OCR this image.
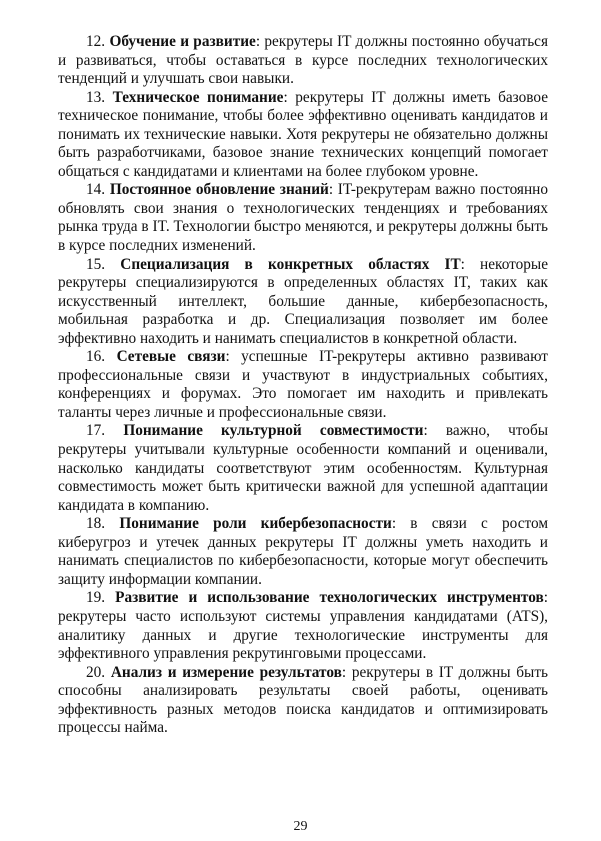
12. Обучение и развитие: рекрутеры IT должны постоянно обучаться и развиваться, чтобы оставаться в курсе последних технологических тенденций и улучшать свои навыки.

13. Техническое понимание: рекрутеры IT должны иметь базовое техническое понимание, чтобы более эффективно оценивать кандидатов и понимать их технические навыки. Хотя рекрутеры не обязательно должны быть разработчиками, базовое знание технических концепций помогает общаться с кандидатами и клиентами на более глубоком уровне.

14. Постоянное обновление знаний: IT-рекрутерам важно постоянно обновлять свои знания о технологических тенденциях и требованиях рынка труда в IT. Технологии быстро меняются, и рекрутеры должны быть в курсе последних изменений.

15. Специализация в конкретных областях IT: некоторые рекрутеры специализируются в определенных областях IT, таких как искусственный интеллект, большие данные, кибербезопасность, мобильная разработка и др. Специализация позволяет им более эффективно находить и нанимать специалистов в конкретной области.

16. Сетевые связи: успешные IT-рекрутеры активно развивают профессиональные связи и участвуют в индустриальных событиях, конференциях и форумах. Это помогает им находить и привлекать таланты через личные и профессиональные связи.

17. Понимание культурной совместимости: важно, чтобы рекрутеры учитывали культурные особенности компаний и оценивали, насколько кандидаты соответствуют этим особенностям. Культурная совместимость может быть критически важной для успешной адаптации кандидата в компанию.

18. Понимание роли кибербезопасности: в связи с ростом киберугроз и утечек данных рекрутеры IT должны уметь находить и нанимать специалистов по кибербезопасности, которые могут обеспечить защиту информации компании.

19. Развитие и использование технологических инструментов: рекрутеры часто используют системы управления кандидатами (ATS), аналитику данных и другие технологические инструменты для эффективного управления рекрутинговыми процессами.

20. Анализ и измерение результатов: рекрутеры в IT должны быть способны анализировать результаты своей работы, оценивать эффективность разных методов поиска кандидатов и оптимизировать процессы найма.

29
